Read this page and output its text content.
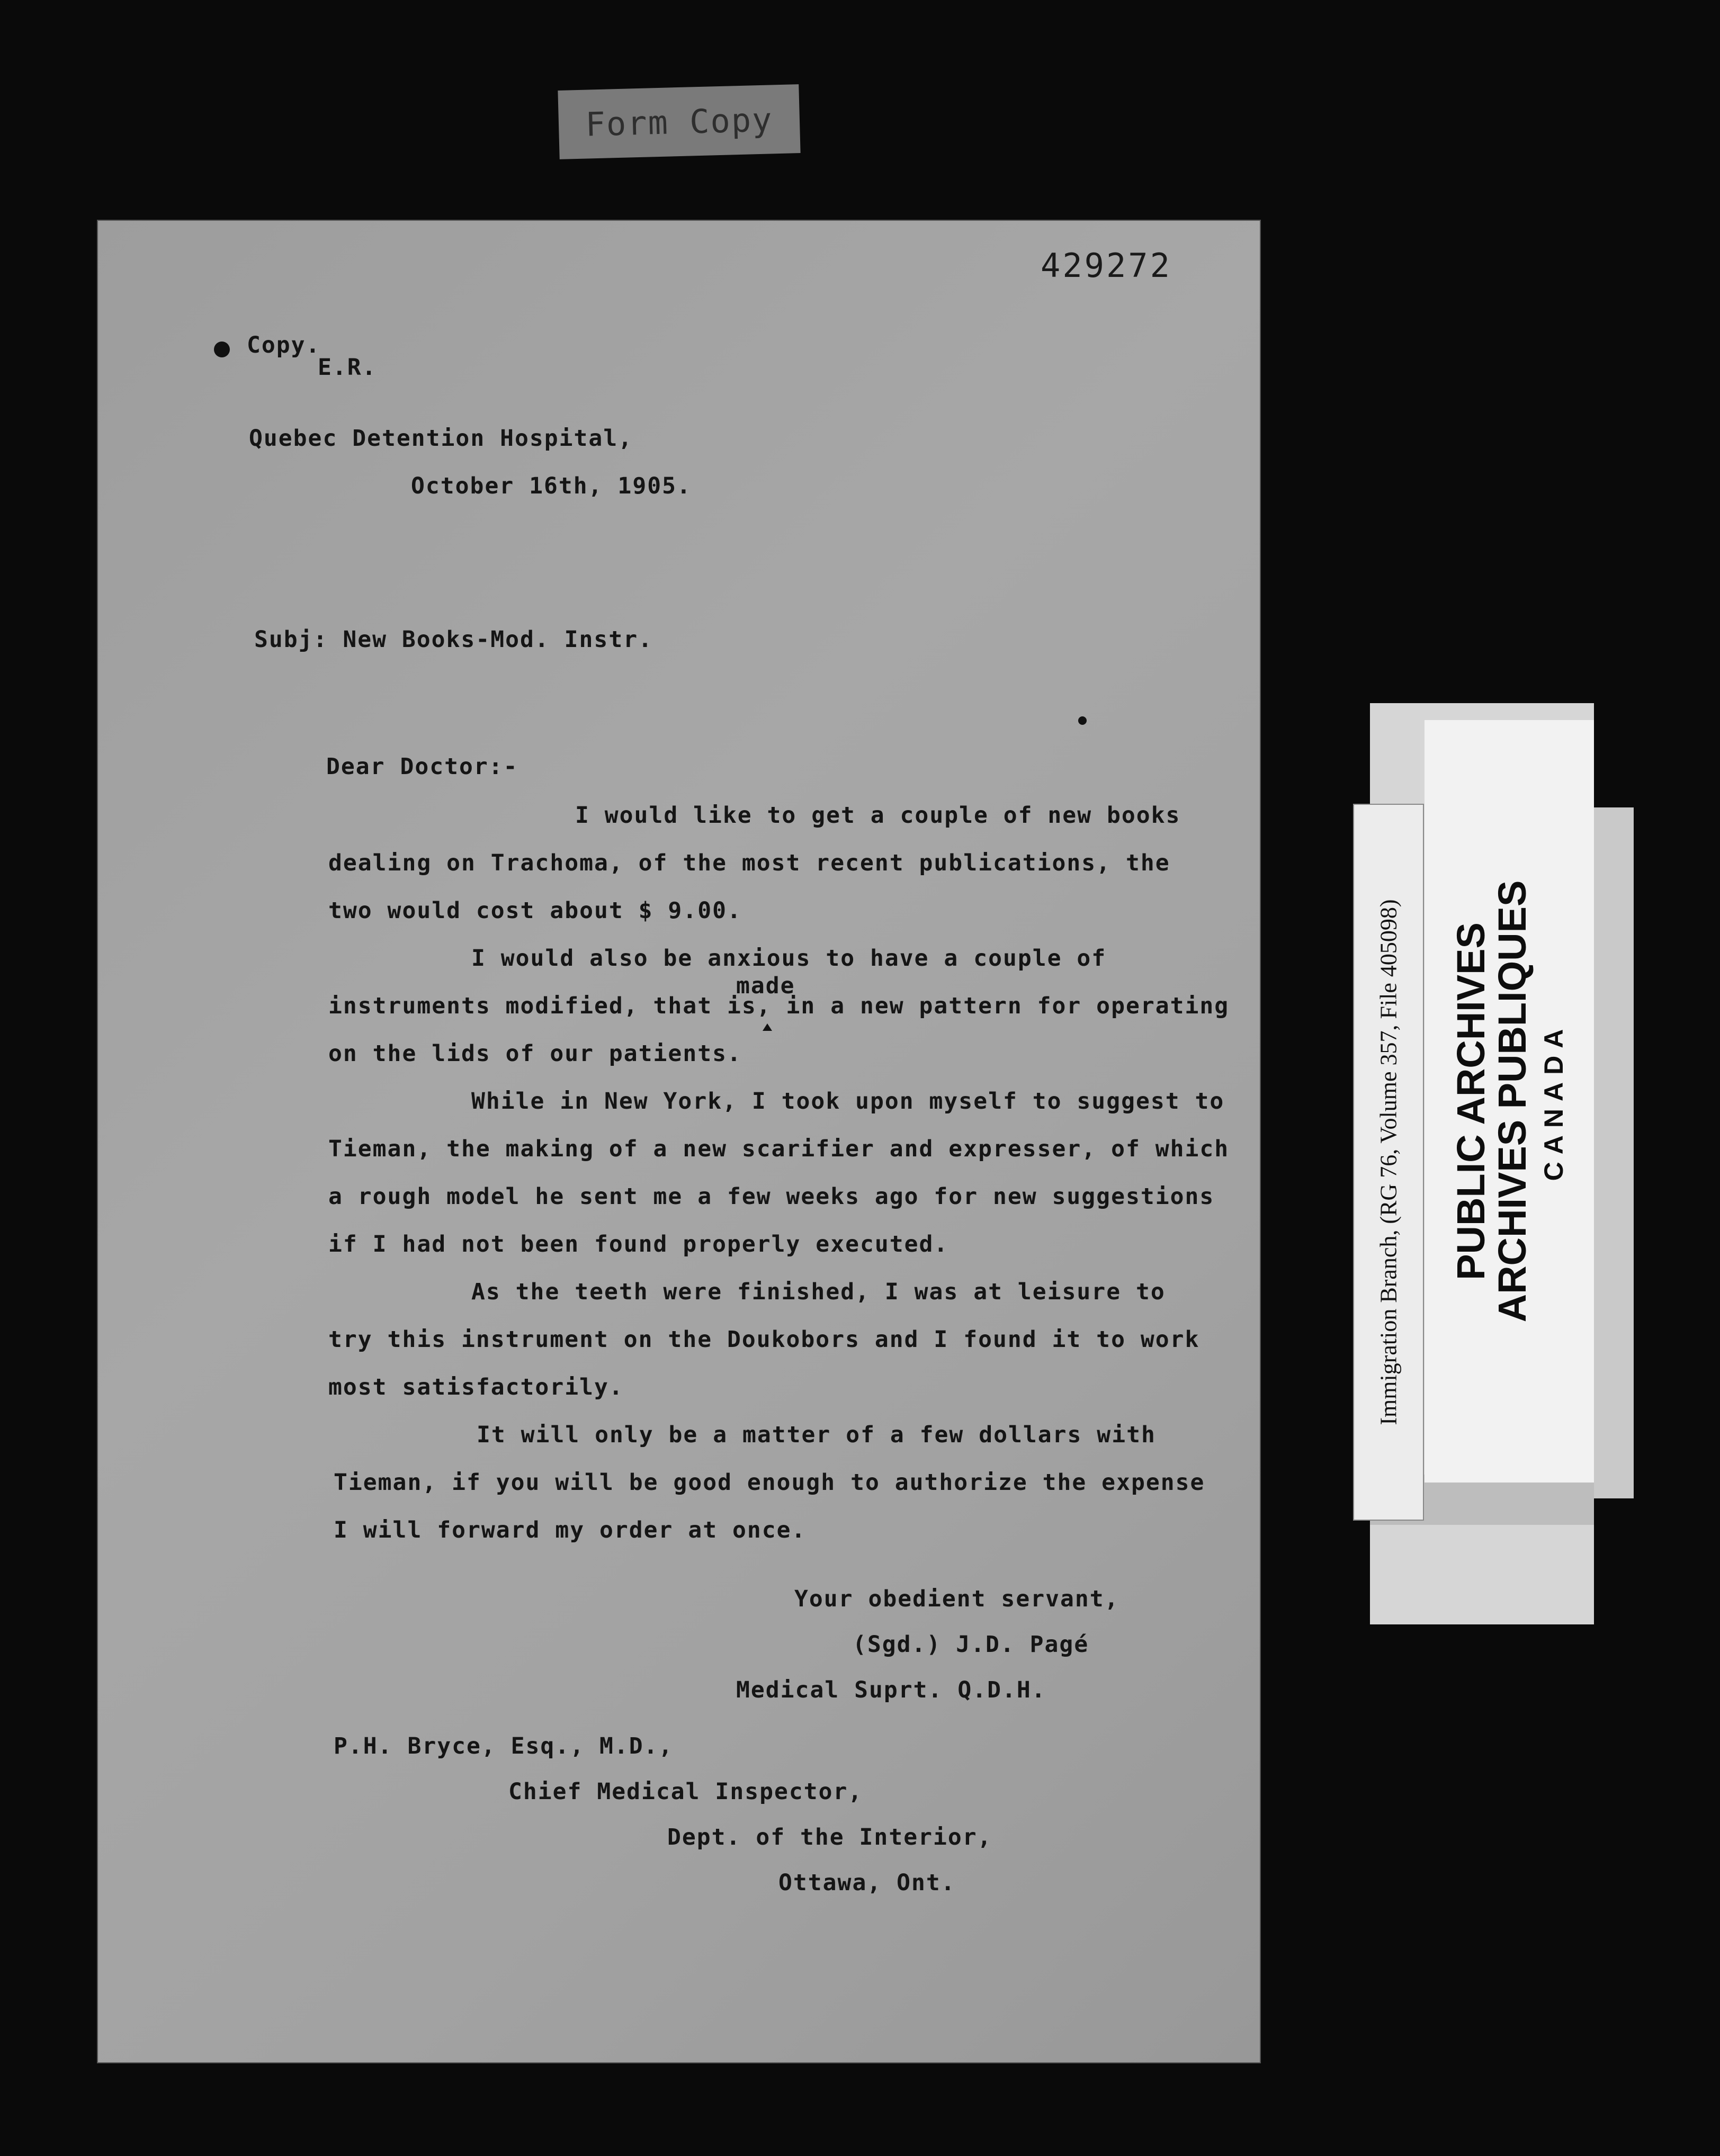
Form Copy
429272
Copy.
E.R.
Quebec Detention Hospital,
October 16th, 1905.
Subj: New Books-Mod. Instr.
Dear Doctor:-
I would like to get a couple of new books
dealing on Trachoma, of the most recent publications, the
two would cost about $ 9.00.
I would also be anxious to have a couple of
made
instruments modified, that is, in a new pattern for operating
on the lids of our patients.
While in New York, I took upon myself to suggest to
Tieman, the making of a new scarifier and expresser, of which
a rough model he sent me a few weeks ago for new suggestions
if I had not been found properly executed.
As the teeth were finished, I was at leisure to
try this instrument on the Doukobors and I found it to work
most satisfactorily.
It will only be a matter of a few dollars with
Tieman, if you will be good enough to authorize the expense
I will forward my order at once.
Your obedient servant,
(Sgd.) J.D. Pagé
Medical Suprt. Q.D.H.
P.H. Bryce, Esq., M.D.,
Chief Medical Inspector,
Dept. of the Interior,
Ottawa, Ont.
PUBLIC ARCHIVES
ARCHIVES PUBLIQUES CANADA
Immigration Branch, (RG 76, Volume 357, File 405098)
